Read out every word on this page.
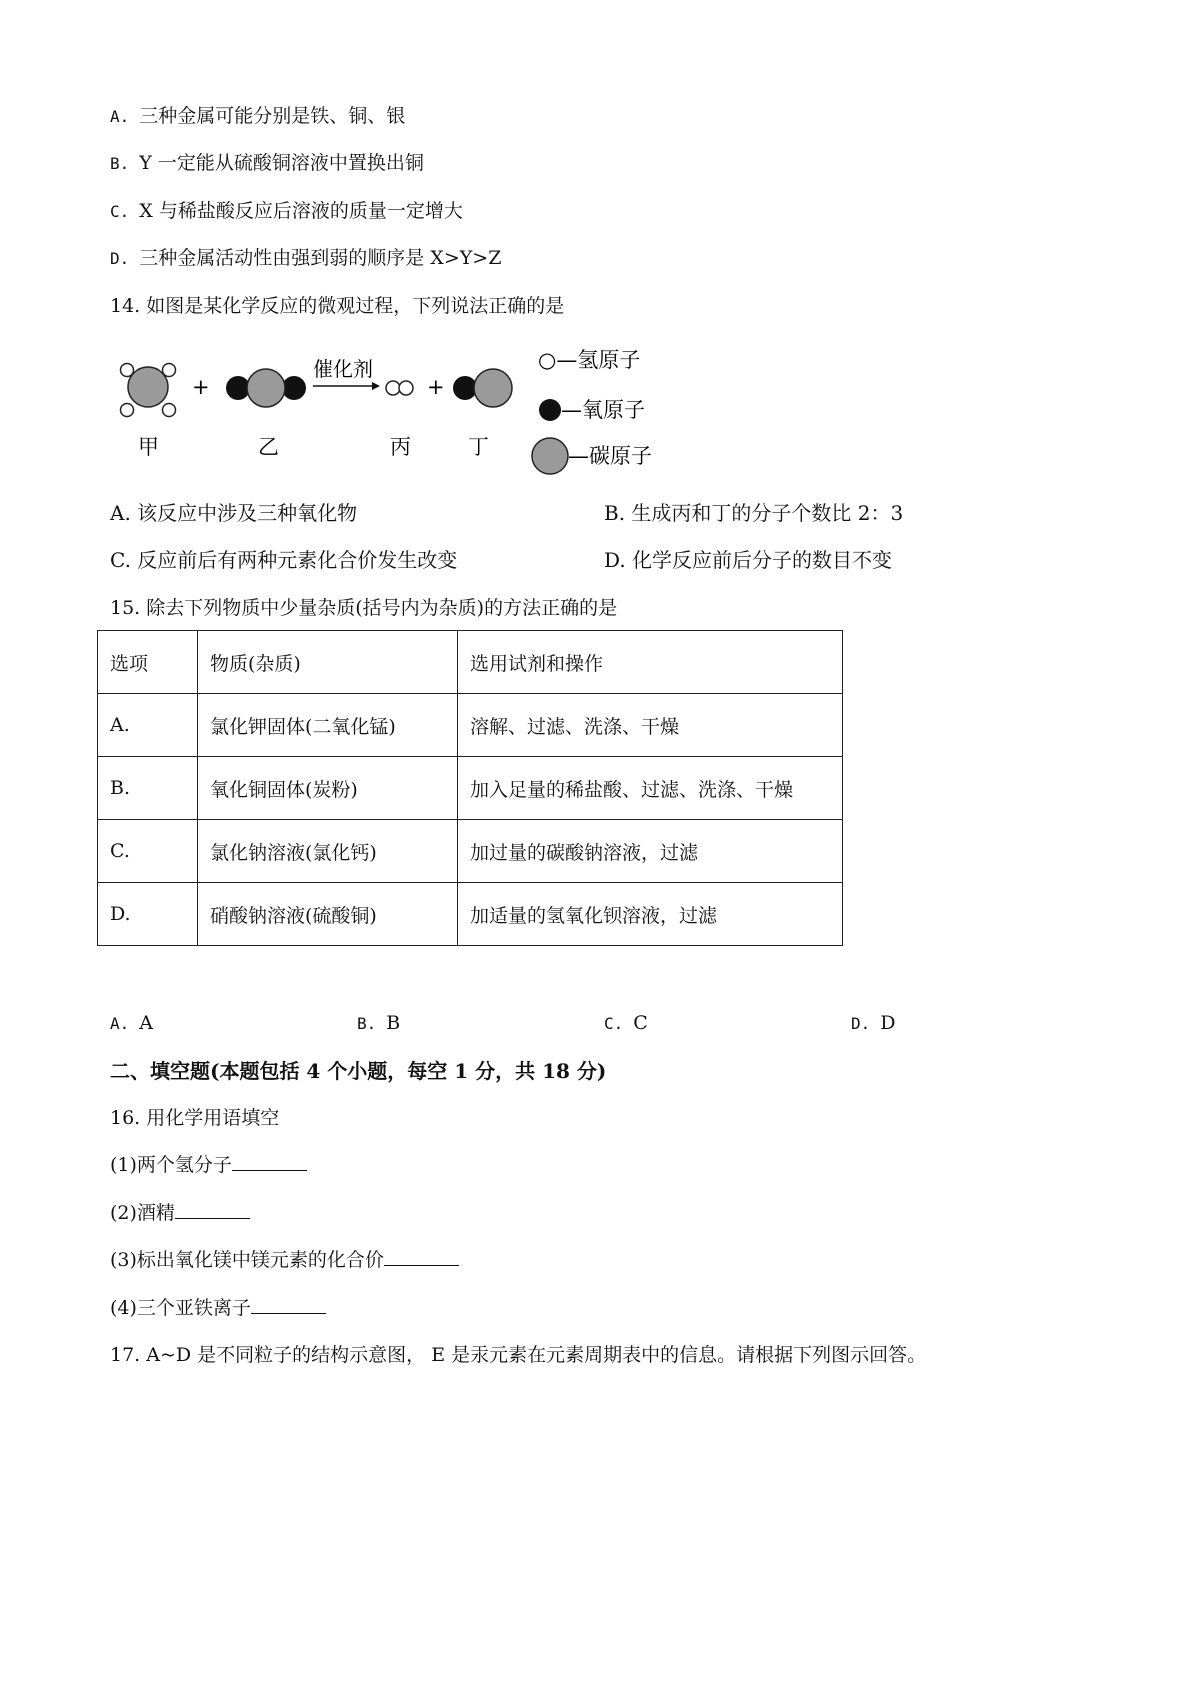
A. 三种金属可能分别是铁、铜、银
B. Y 一定能从硫酸铜溶液中置换出铜
C. X 与稀盐酸反应后溶液的质量一定增大
D. 三种金属活动性由强到弱的顺序是 X>Y>Z
14. 如图是某化学反应的微观过程，下列说法正确的是
+
催化剂
+
甲	乙	丙	丁
○—氢原子
—氧原子
—碳原子
A. 该反应中涉及三种氧化物	B. 生成丙和丁的分子个数比 2：3
C. 反应前后有两种元素化合价发生改变	D. 化学反应前后分子的数目不变
15. 除去下列物质中少量杂质(括号内为杂质)的方法正确的是
选项	物质(杂质)	选用试剂和操作
A.	氯化钾固体(二氧化锰)	溶解、过滤、洗涤、干燥
B.	氧化铜固体(炭粉)	加入足量的稀盐酸、过滤、洗涤、干燥
C.	氯化钠溶液(氯化钙)	加过量的碳酸钠溶液，过滤
D.	硝酸钠溶液(硫酸铜)	加适量的氢氧化钡溶液，过滤
A. A	B. B	C. C	D. D
二、填空题(本题包括 4 个小题，每空 1 分，共 18 分)
16. 用化学用语填空
(1)两个氢分子
(2)酒精
(3)标出氧化镁中镁元素的化合价
(4)三个亚铁离子
17. A~D 是不同粒子的结构示意图， E 是汞元素在元素周期表中的信息。请根据下列图示回答。
